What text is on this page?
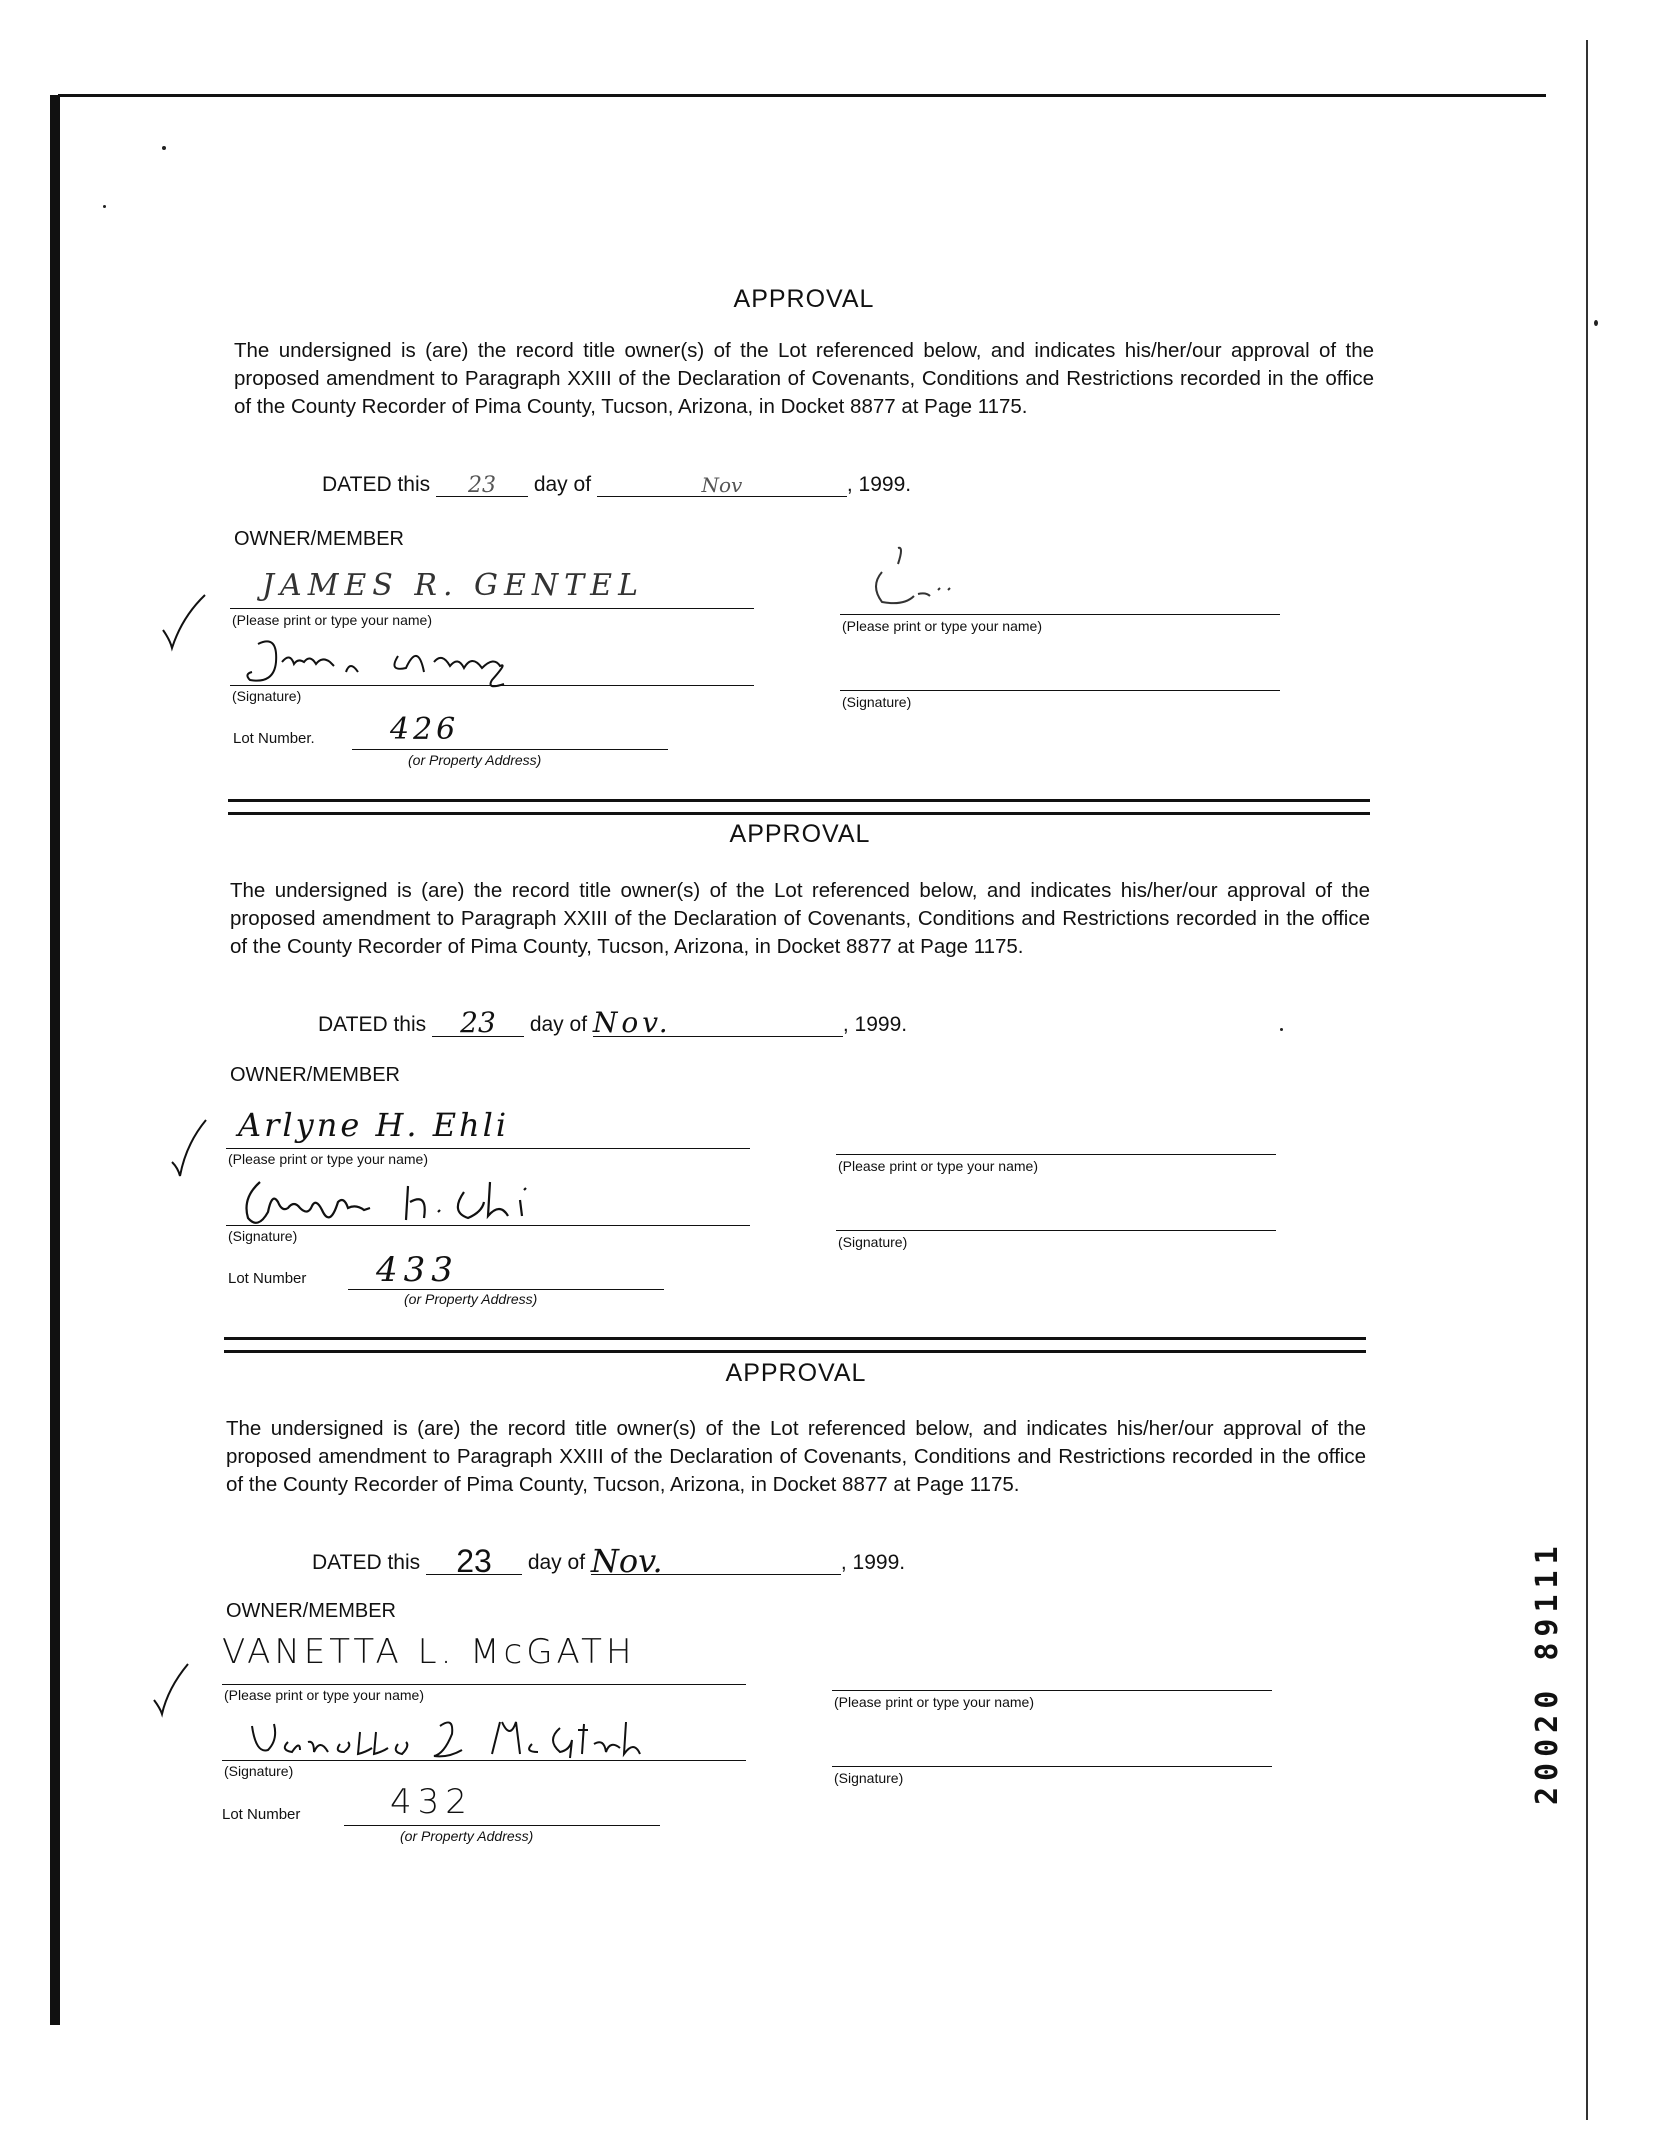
APPROVAL
The undersigned is (are) the record title owner(s) of the Lot referenced below, and indicates his/her/our approval of the proposed amendment to Paragraph XXIII of the Declaration of Covenants, Conditions and Restrictions recorded in the office of the County Recorder of Pima County, Tucson, Arizona, in Docket 8877 at Page 1175.
DATED this 23 day of	Nov	, 1999.
OWNER/MEMBER
JAMES R. GENTEL
(Please print or type your name)	(Please print or type your name)
(Signature)	(Signature)
Lot Number.	426
(or Property Address)
APPROVAL
The undersigned is (are) the record title owner(s) of the Lot referenced below, and indicates his/her/our approval of the proposed amendment to Paragraph XXIII of the Declaration of Covenants, Conditions and Restrictions recorded in the office of the County Recorder of Pima County, Tucson, Arizona, in Docket 8877 at Page 1175.
DATED this 23 day of Nov.	, 1999.
OWNER/MEMBER
Arlyne H. Ehli
(Please print or type your name)	(Please print or type your name)
(Signature)	(Signature)
Lot Number 433
(or Property Address)
APPROVAL
The undersigned is (are) the record title owner(s) of the Lot referenced below, and indicates his/her/our approval of the proposed amendment to Paragraph XXIII of the Declaration of Covenants, Conditions and Restrictions recorded in the office of the County Recorder of Pima County, Tucson, Arizona, in Docket 8877 at Page 1175.
DATED this 23 day of Nov.	, 1999.
OWNER/MEMBER
VANETTA L. McGATH
(Please print or type your name)	(Please print or type your name)
(Signature)	(Signature)
Lot Number	432
(or Property Address)
20020 89111
